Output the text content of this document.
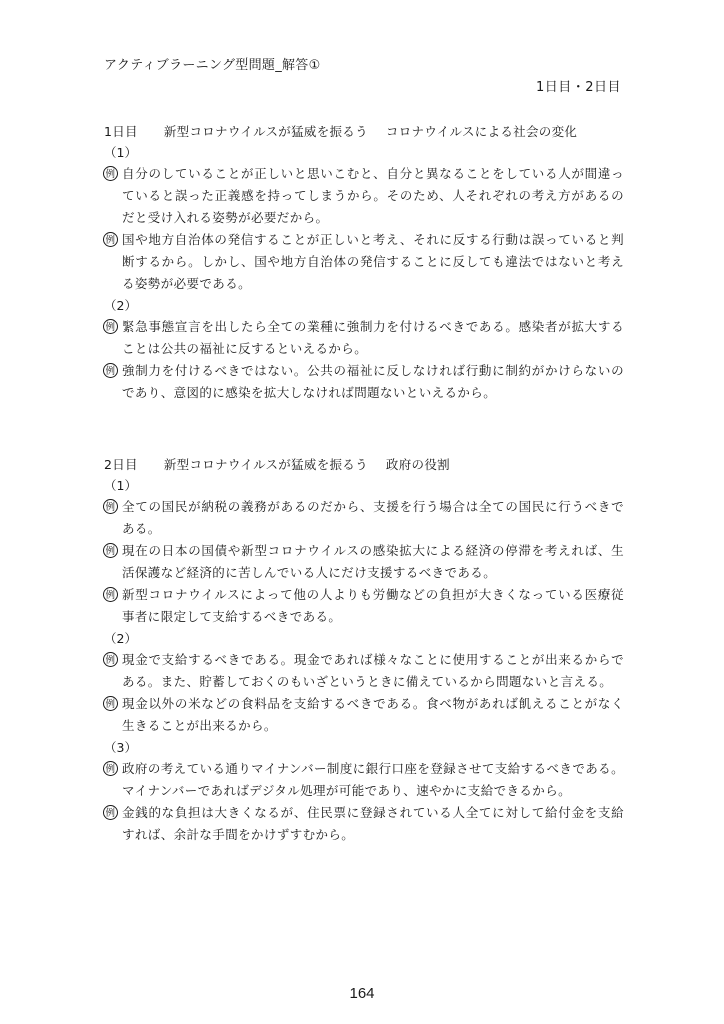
アクティブラーニング型問題_解答①
1日目・2日目
1日目 新型コロナウイルスが猛威を振るう コロナウイルスによる社会の変化
（1）
例 自分のしていることが正しいと思いこむと、自分と異なることをしている人が間違っていると誤った正義感を持ってしまうから。そのため、人それぞれの考え方があるのだと受け入れる姿勢が必要だから。
例 国や地方自治体の発信することが正しいと考え、それに反する行動は誤っていると判断するから。しかし、国や地方自治体の発信することに反しても違法ではないと考える姿勢が必要である。
（2）
例 緊急事態宣言を出したら全ての業種に強制力を付けるべきである。感染者が拡大することは公共の福祉に反するといえるから。
例 強制力を付けるべきではない。公共の福祉に反しなければ行動に制約がかけらないのであり、意図的に感染を拡大しなければ問題ないといえるから。
2日目 新型コロナウイルスが猛威を振るう 政府の役割
（1）
例 全ての国民が納税の義務があるのだから、支援を行う場合は全ての国民に行うべきである。
例 現在の日本の国債や新型コロナウイルスの感染拡大による経済の停滞を考えれば、生活保護など経済的に苦しんでいる人にだけ支援するべきである。
例 新型コロナウイルスによって他の人よりも労働などの負担が大きくなっている医療従事者に限定して支給するべきである。
（2）
例 現金で支給するべきである。現金であれば様々なことに使用することが出来るからである。また、貯蓄しておくのもいざというときに備えているから問題ないと言える。
例 現金以外の米などの食料品を支給するべきである。食べ物があれば飢えることがなく生きることが出来るから。
（3）
例 政府の考えている通りマイナンバー制度に銀行口座を登録させて支給するべきである。マイナンバーであればデジタル処理が可能であり、速やかに支給できるから。
例 金銭的な負担は大きくなるが、住民票に登録されている人全てに対して給付金を支給すれば、余計な手間をかけずすむから。
164
